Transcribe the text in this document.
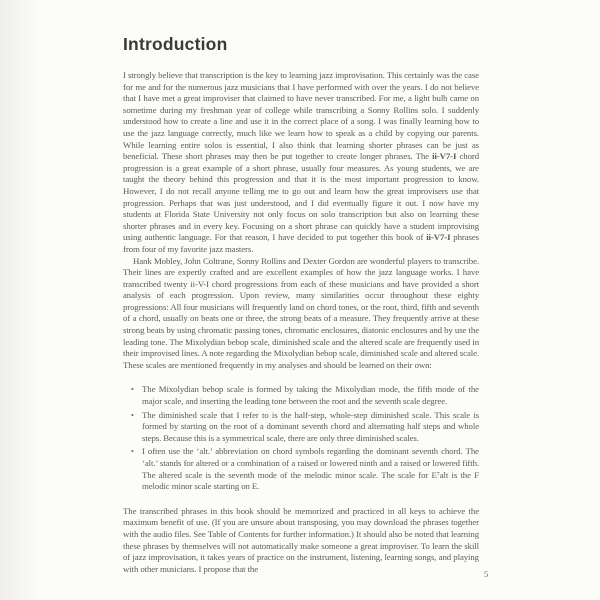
Introduction

I strongly believe that transcription is the key to learning jazz improvisation. This certainly was the case for me and for the numerous jazz musicians that I have performed with over the years. I do not believe that I have met a great improviser that claimed to have never transcribed. For me, a light bulb came on sometime during my freshman year of college while transcribing a Sonny Rollins solo. I suddenly understood how to create a line and use it in the correct place of a song. I was finally learning how to use the jazz language correctly, much like we learn how to speak as a child by copying our parents. While learning entire solos is essential, I also think that learning shorter phrases can be just as beneficial. These short phrases may then be put together to create longer phrases. The ii-V7-I chord progression is a great example of a short phrase, usually four measures. As young students, we are taught the theory behind this progression and that it is the most important progression to know. However, I do not recall anyone telling me to go out and learn how the great improvisers use that progression. Perhaps that was just understood, and I did eventually figure it out. I now have my students at Florida State University not only focus on solo transcription but also on learning these shorter phrases and in every key. Focusing on a short phrase can quickly have a student improvising using authentic language. For that reason, I have decided to put together this book of ii-V7-I phrases from four of my favorite jazz masters.

Hank Mobley, John Coltrane, Sonny Rollins and Dexter Gordon are wonderful players to transcribe. Their lines are expertly crafted and are excellent examples of how the jazz language works. I have transcribed twenty ii-V-I chord progressions from each of these musicians and have provided a short analysis of each progression. Upon review, many similarities occur throughout these eighty progressions: All four musicians will frequently land on chord tones, or the root, third, fifth and seventh of a chord, usually on beats one or three, the strong beats of a measure. They frequently arrive at these strong beats by using chromatic passing tones, chromatic enclosures, diatonic enclosures and by use the leading tone. The Mixolydian bebop scale, diminished scale and the altered scale are frequently used in their improvised lines. A note regarding the Mixolydian bebop scale, diminished scale and altered scale. These scales are mentioned frequently in my analyses and should be learned on their own:

• The Mixolydian bebop scale is formed by taking the Mixolydian mode, the fifth mode of the major scale, and inserting the leading tone between the root and the seventh scale degree.
• The diminished scale that I refer to is the half-step, whole-step diminished scale. This scale is formed by starting on the root of a dominant seventh chord and alternating half steps and whole steps. Because this is a symmetrical scale, there are only three diminished scales.
• I often use the ‘alt.’ abbreviation on chord symbols regarding the dominant seventh chord. The ‘alt.’ stands for altered or a combination of a raised or lowered ninth and a raised or lowered fifth. The altered scale is the seventh mode of the melodic minor scale. The scale for E⁷alt is the F melodic minor scale starting on E.

The transcribed phrases in this book should be memorized and practiced in all keys to achieve the maximum benefit of use. (If you are unsure about transposing, you may download the phrases together with the audio files. See Table of Contents for further information.) It should also be noted that learning these phrases by themselves will not automatically make someone a great improviser. To learn the skill of jazz improvisation, it takes years of practice on the instrument, listening, learning songs, and playing with other musicians. I propose that the

5
